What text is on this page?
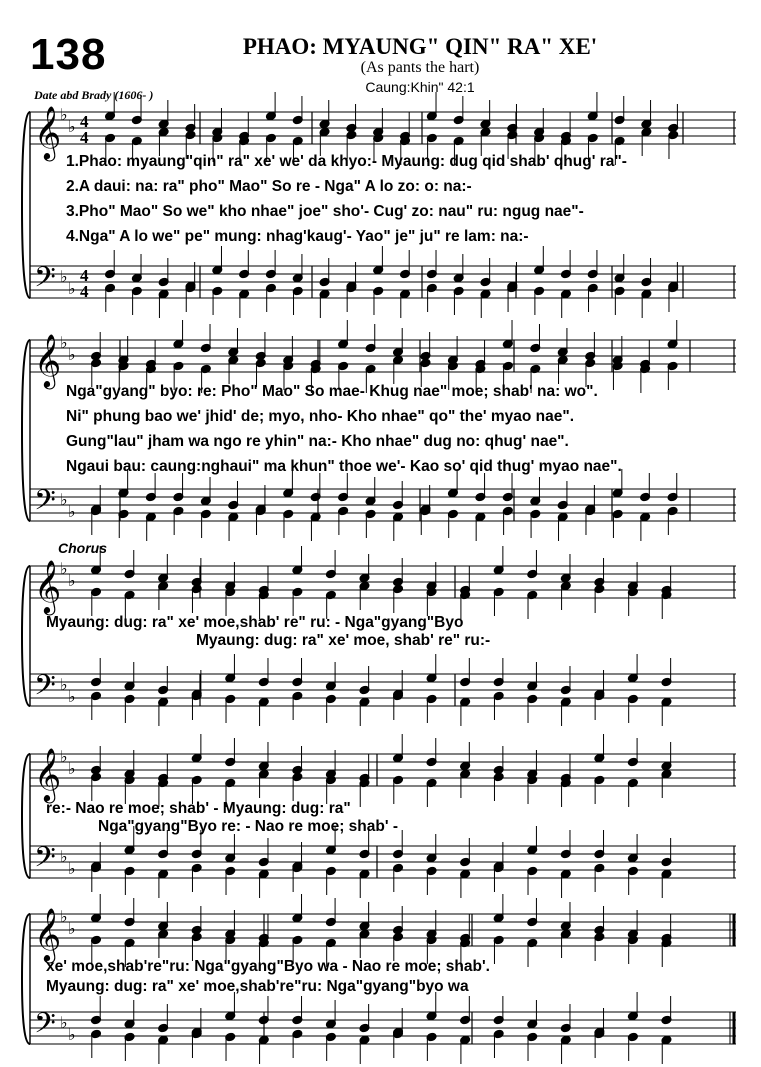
138	PHAO: MYAUNG" QIN" RA" XE'
(As pants the hart)
Caung:Khin" 42:1
Date abd Brady (1606- )
Chorus
1.Phao: myaung"qin" ra" xe' we' da khyo:- Myaung: dug qid shab' qhug' ra"-
2.A daui: na: ra" pho" Mao" So re - Nga" A lo zo: o: na:-
3.Pho" Mao" So we" kho nhae" joe" sho'- Cug' zo: nau" ru: ngug nae"-
4.Nga" A lo we" pe" mung: nhag'kaug'- Yao" je" ju" re lam: na:-
Nga"gyang" byo: re: Pho" Mao" So mae- Khug nae" moe; shab' na: wo".
Ni" phung bao we' jhid' de; myo, nho- Kho nhae" qo" the' myao nae".
Gung"lau" jham wa ngo re yhin" na:- Kho nhae" dug no: qhug' nae".
Ngaui bau: caung:nghaui" ma khun" thoe we'- Kao so' qid thug' myao nae".
Myaung: dug: ra" xe' moe,shab' re" ru: - Nga"gyang"Byo
Myaung: dug: ra" xe' moe, shab' re" ru:-
re:- Nao re moe; shab' - Myaung: dug: ra"
Nga"gyang"Byo re: - Nao re moe; shab' -
xe' moe,shab're"ru: Nga"gyang"Byo wa - Nao re moe; shab'.
Myaung: dug: ra" xe' moe,shab're"ru: Nga"gyang"byo wa
𝄞
𝄢
♭
♭
♭
♭
4
4
4
4
𝄞
𝄢
♭
♭
♭
♭
𝄞
𝄢
♭
♭
♭
♭
𝄞
𝄢
♭
♭
♭
♭
𝄞
𝄢
♭
♭
♭
♭
